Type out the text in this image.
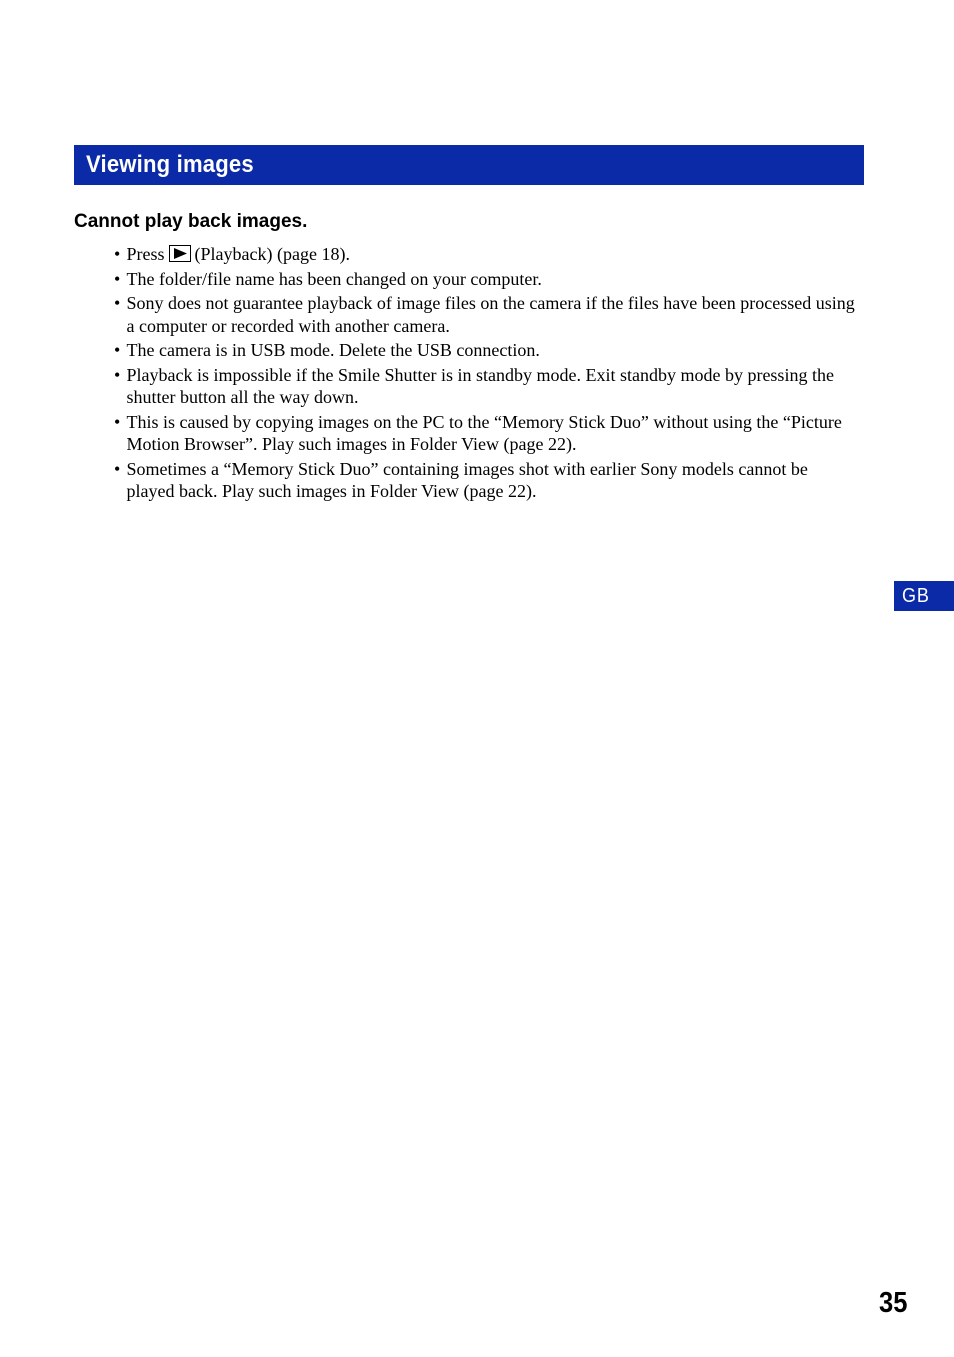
Viewing images
Cannot play back images.
• Press (Playback) (page 18).
• The folder/file name has been changed on your computer.
• Sony does not guarantee playback of image files on the camera if the files have been processed using a computer or recorded with another camera.
• The camera is in USB mode. Delete the USB connection.
• Playback is impossible if the Smile Shutter is in standby mode. Exit standby mode by pressing the shutter button all the way down.
• This is caused by copying images on the PC to the “Memory Stick Duo” without using the “Picture Motion Browser”. Play such images in Folder View (page 22).
• Sometimes a “Memory Stick Duo” containing images shot with earlier Sony models cannot be played back. Play such images in Folder View (page 22).
GB
35
